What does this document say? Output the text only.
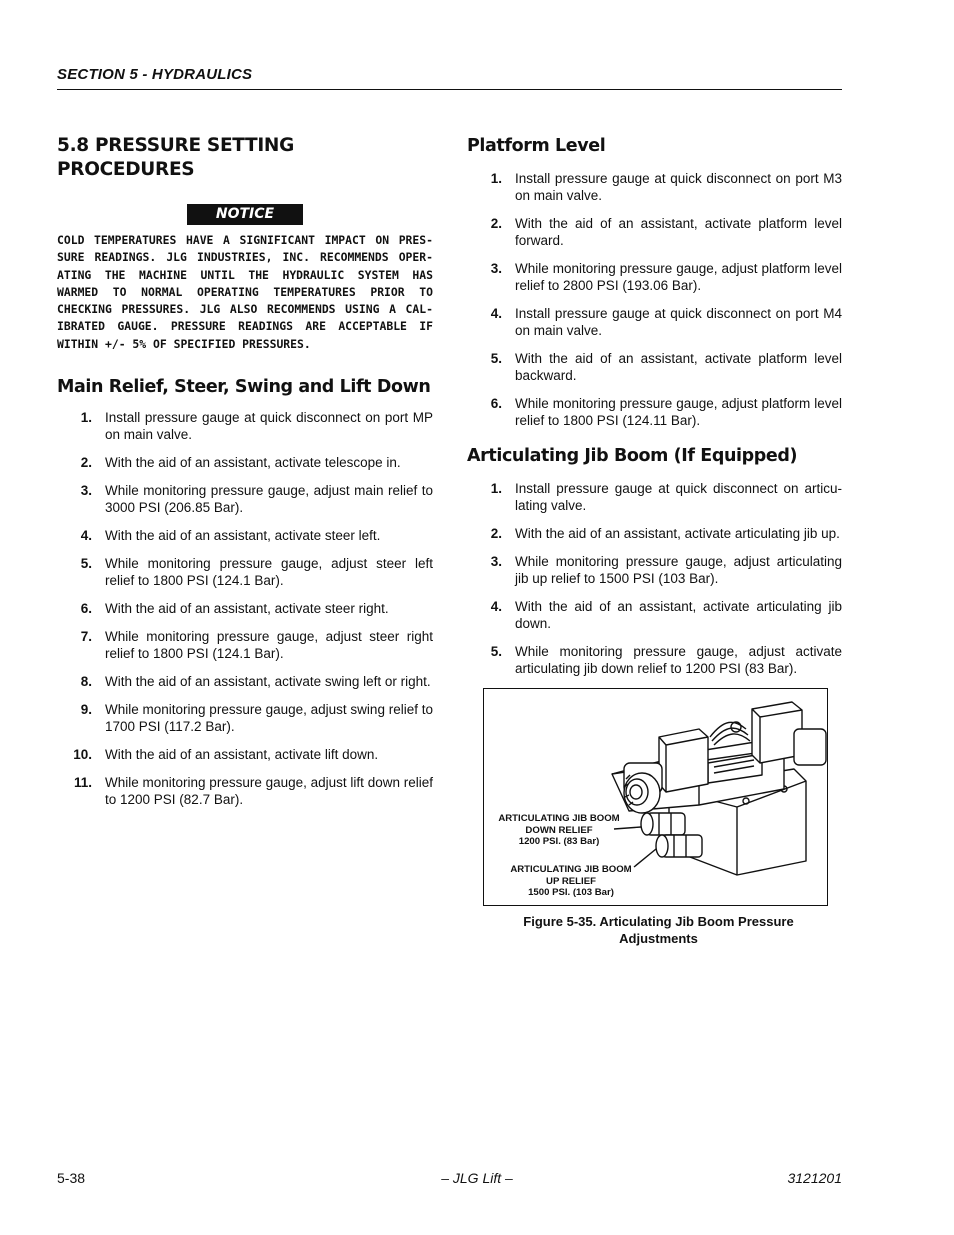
SECTION 5 - HYDRAULICS
5.8 PRESSURE SETTING PROCEDURES
NOTICE
COLD TEMPERATURES HAVE A SIGNIFICANT IMPACT ON PRES-SURE READINGS. JLG INDUSTRIES, INC. RECOMMENDS OPER-ATING THE MACHINE UNTIL THE HYDRAULIC SYSTEM HAS WARMED TO NORMAL OPERATING TEMPERATURES PRIOR TO CHECKING PRESSURES. JLG ALSO RECOMMENDS USING A CAL-IBRATED GAUGE. PRESSURE READINGS ARE ACCEPTABLE IF WITHIN +/- 5% OF SPECIFIED PRESSURES.
Main Relief, Steer, Swing and Lift Down
1. Install pressure gauge at quick disconnect on port MP on main valve.
2. With the aid of an assistant, activate telescope in.
3. While monitoring pressure gauge, adjust main relief to 3000 PSI (206.85 Bar).
4. With the aid of an assistant, activate steer left.
5. While monitoring pressure gauge, adjust steer left relief to 1800 PSI (124.1 Bar).
6. With the aid of an assistant, activate steer right.
7. While monitoring pressure gauge, adjust steer right relief to 1800 PSI (124.1 Bar).
8. With the aid of an assistant, activate swing left or right.
9. While monitoring pressure gauge, adjust swing relief to 1700 PSI (117.2 Bar).
10. With the aid of an assistant, activate lift down.
11. While monitoring pressure gauge, adjust lift down relief to 1200 PSI (82.7 Bar).
Platform Level
1. Install pressure gauge at quick disconnect on port M3 on main valve.
2. With the aid of an assistant, activate platform level forward.
3. While monitoring pressure gauge, adjust platform level relief to 2800 PSI (193.06 Bar).
4. Install pressure gauge at quick disconnect on port M4 on main valve.
5. With the aid of an assistant, activate platform level backward.
6. While monitoring pressure gauge, adjust platform level relief to 1800 PSI (124.11 Bar).
Articulating Jib Boom (If Equipped)
1. Install pressure gauge at quick disconnect on articu-lating valve.
2. With the aid of an assistant, activate articulating jib up.
3. While monitoring pressure gauge, adjust articulating jib up relief to 1500 PSI (103 Bar).
4. With the aid of an assistant, activate articulating jib down.
5. While monitoring pressure gauge, adjust activate articulating jib down relief to 1200 PSI (83 Bar).
ARTICULATING JIB BOOM
DOWN RELIEF
1200 PSI. (83 Bar)
ARTICULATING JIB BOOM
UP RELIEF
1500 PSI. (103 Bar)
Figure 5-35. Articulating Jib Boom Pressure
Adjustments
5-38	– JLG Lift –	3121201
